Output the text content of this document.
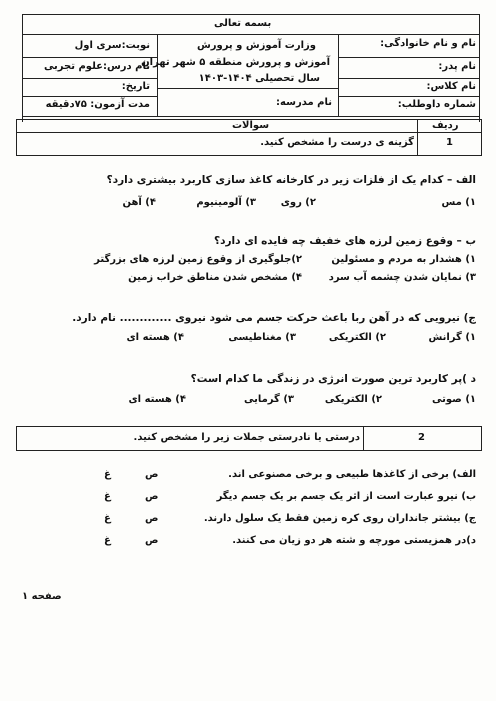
بسمه تعالی
نام و نام خانوادگی:
نام پدر:
نام کلاس:
شماره داوطلب:
وزارت آموزش و پرورش
آموزش و پرورش منطقه ۵ شهر تهران
سال تحصیلی ۱۴۰۴-۱۴۰۳
نام مدرسه:
نوبت:سری اول
نام درس:علوم تجربی
تاریخ:
مدت آزمون: ۷۵دقیقه
ردیف
سوالات
1
گزینه ی درست را مشخص کنید.
الف – کدام یک از فلزات زیر در کارخانه کاغذ سازی کاربرد بیشتری دارد؟
۱) مس
۲) روی
۳) آلومینیوم
۴) آهن
ب – وقوع زمین لرزه های خفیف چه فایده ای دارد؟
۱) هشدار به مردم و مسئولین
۲)جلوگیری از وقوع زمین لرزه های بزرگتر
۳) نمایان شدن چشمه آب سرد
۴) مشخص شدن مناطق خراب زمین
ج) نیرویی که در آهن ربا باعث حرکت جسم می شود نیروی ............. نام دارد.
۱) گرانش
۲) الکتریکی
۳) مغناطیسی
۴) هسته ای
د )پر کاربرد ترین صورت انرژی در زندگی ما کدام است؟
۱) صوتی
۲) الکتریکی
۳) گرمایی
۴) هسته ای
2
درستی یا نادرستی جملات زیر را مشخص کنید.
الف) برخی از کاغذها طبیعی و برخی مصنوعی اند.
ص
غ
ب) نیرو عبارت است از اثر یک جسم بر یک جسم دیگر
ص
غ
ج) بیشتر جانداران روی کره زمین فقط یک سلول دارند.
ص
غ
د)در همزیستی مورچه و شته هر دو زیان می کنند.
ص
غ
صفحه ۱
